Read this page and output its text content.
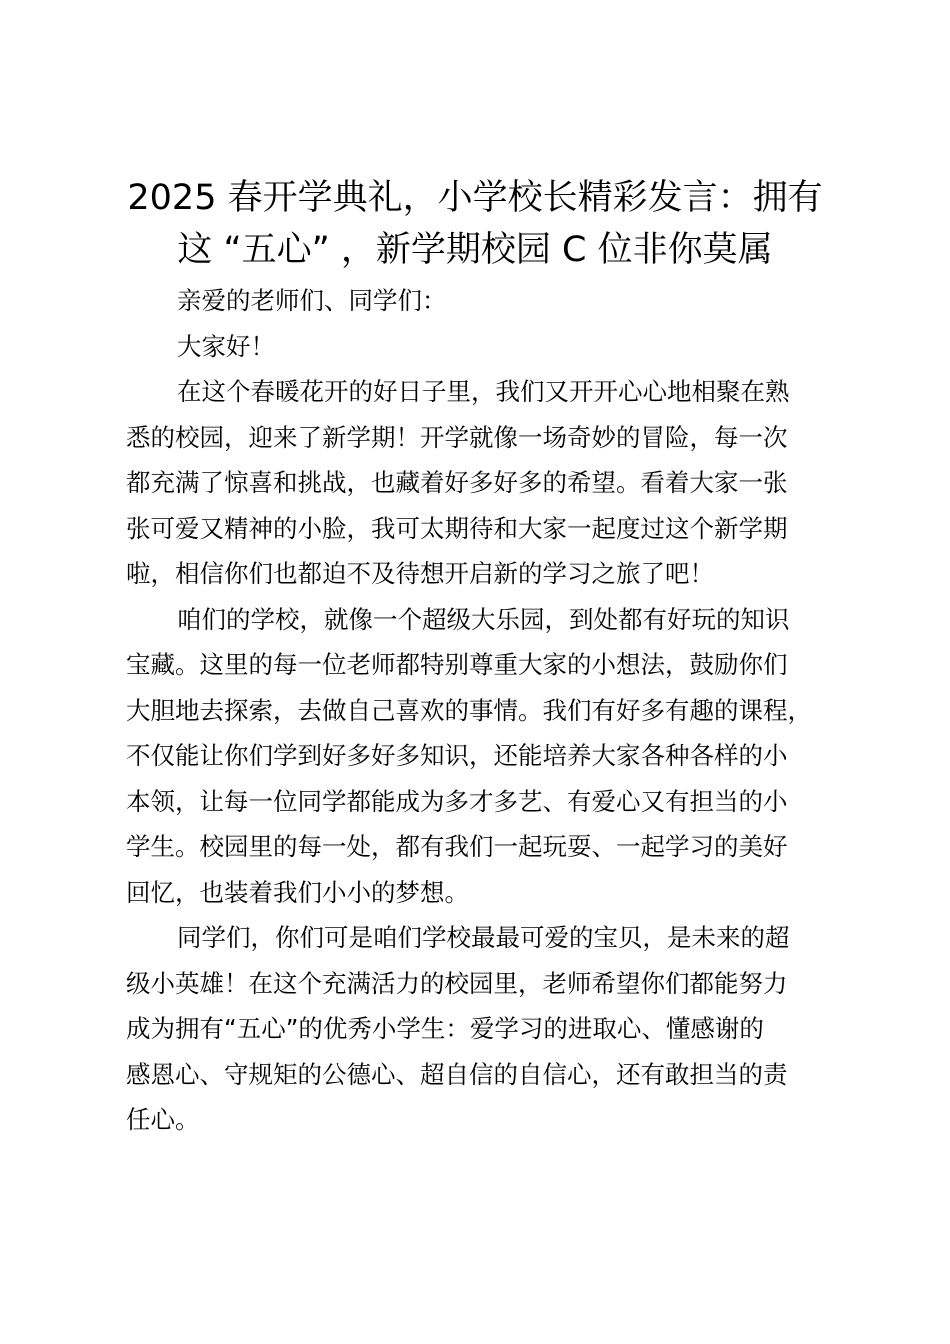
2025 春开学典礼，小学校长精彩发言：拥有
这 “五心” ，新学期校园 C 位非你莫属

亲爱的老师们、同学们：

大家好！

在这个春暖花开的好日子里，我们又开开心心地相聚在熟

悉的校园，迎来了新学期！开学就像一场奇妙的冒险，每一次

都充满了惊喜和挑战，也藏着好多好多的希望。看着大家一张

张可爱又精神的小脸，我可太期待和大家一起度过这个新学期

啦，相信你们也都迫不及待想开启新的学习之旅了吧！

咱们的学校，就像一个超级大乐园，到处都有好玩的知识

宝藏。这里的每一位老师都特别尊重大家的小想法，鼓励你们

大胆地去探索，去做自己喜欢的事情。我们有好多有趣的课程，

不仅能让你们学到好多好多知识，还能培养大家各种各样的小

本领，让每一位同学都能成为多才多艺、有爱心又有担当的小

学生。校园里的每一处，都有我们一起玩耍、一起学习的美好

回忆，也装着我们小小的梦想。

同学们，你们可是咱们学校最最可爱的宝贝，是未来的超

级小英雄！在这个充满活力的校园里，老师希望你们都能努力

成为拥有“五心”的优秀小学生：爱学习的进取心、懂感谢的

感恩心、守规矩的公德心、超自信的自信心，还有敢担当的责

任心。
